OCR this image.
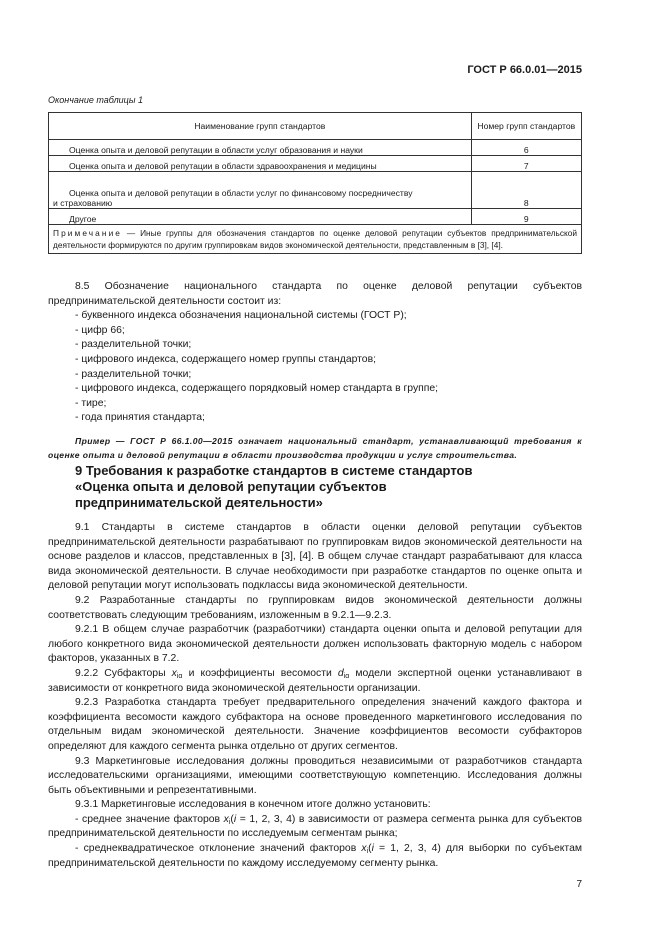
ГОСТ Р 66.0.01—2015
Окончание таблицы 1
Наименование групп стандартов	Номер групп стандартов
Оценка опыта и деловой репутации в области услуг образования и науки	6
Оценка опыта и деловой репутации в области здравоохранения и медицины	7

Оценка опыта и деловой репутации в области услуг по финансовому посредничеству
и страхованию	8
Другое	9
Примечание — Иные группы для обозначения стандартов по оценке деловой репутации субъектов предпринимательской деятельности формируются по другим группировкам видов экономической деятельности, представленным в [3], [4].	

8.5 Обозначение национального стандарта по оценке деловой репутации субъектов предпринимательской деятельности состоит из:

- буквенного индекса обозначения национальной системы (ГОСТ Р);

- цифр 66;

- разделительной точки;

- цифрового индекса, содержащего номер группы стандартов;

- разделительной точки;

- цифрового индекса, содержащего порядковый номер стандарта в группе;

- тире;

- года принятия стандарта;

Пример — ГОСТ Р 66.1.00—2015 означает национальный стандарт, устанавливающий требования к оценке опыта и деловой репутации в области производства продукции и услуг строительства.

9 Требования к разработке стандартов в системе стандартов
«Оценка опыта и деловой репутации субъектов
предпринимательской деятельности»

9.1 Стандарты в системе стандартов в области оценки деловой репутации субъектов предпринимательской деятельности разрабатывают по группировкам видов экономической деятельности на основе разделов и классов, представленных в [3], [4]. В общем случае стандарт разрабатывают для класса вида экономической деятельности. В случае необходимости при разработке стандартов по оценке опыта и деловой репутации могут использовать подклассы вида экономической деятельности.

9.2 Разработанные стандарты по группировкам видов экономической деятельности должны соответствовать следующим требованиям, изложенным в 9.2.1—9.2.3.

9.2.1 В общем случае разработчик (разработчики) стандарта оценки опыта и деловой репутации для любого конкретного вида экономической деятельности должен использовать факторную модель с набором факторов, указанных в 7.2.

9.2.2 Субфакторы $x_{i\alpha}$ и коэффициенты весомости $d_{i\alpha}$ модели экспертной оценки устанавливают в зависимости от конкретного вида экономической деятельности организации.

9.2.3 Разработка стандарта требует предварительного определения значений каждого фактора и коэффициента весомости каждого субфактора на основе проведенного маркетингового исследования по отдельным видам экономической деятельности. Значение коэффициентов весомости субфакторов определяют для каждого сегмента рынка отдельно от других сегментов.

9.3 Маркетинговые исследования должны проводиться независимыми от разработчиков стандарта исследовательскими организациями, имеющими соответствующую компетенцию. Исследования должны быть объективными и репрезентативными.

9.3.1 Маркетинговые исследования в конечном итоге должно установить:

- среднее значение факторов $x_i(i = 1$, 2, 3, 4) в зависимости от размера сегмента рынка для субъектов предпринимательской деятельности по исследуемым сегментам рынка;

- среднеквадратическое отклонение значений факторов $x_i(i = 1$, 2, 3, 4) для выборки по субъектам предпринимательской деятельности по каждому исследуемому сегменту рынка.

7
